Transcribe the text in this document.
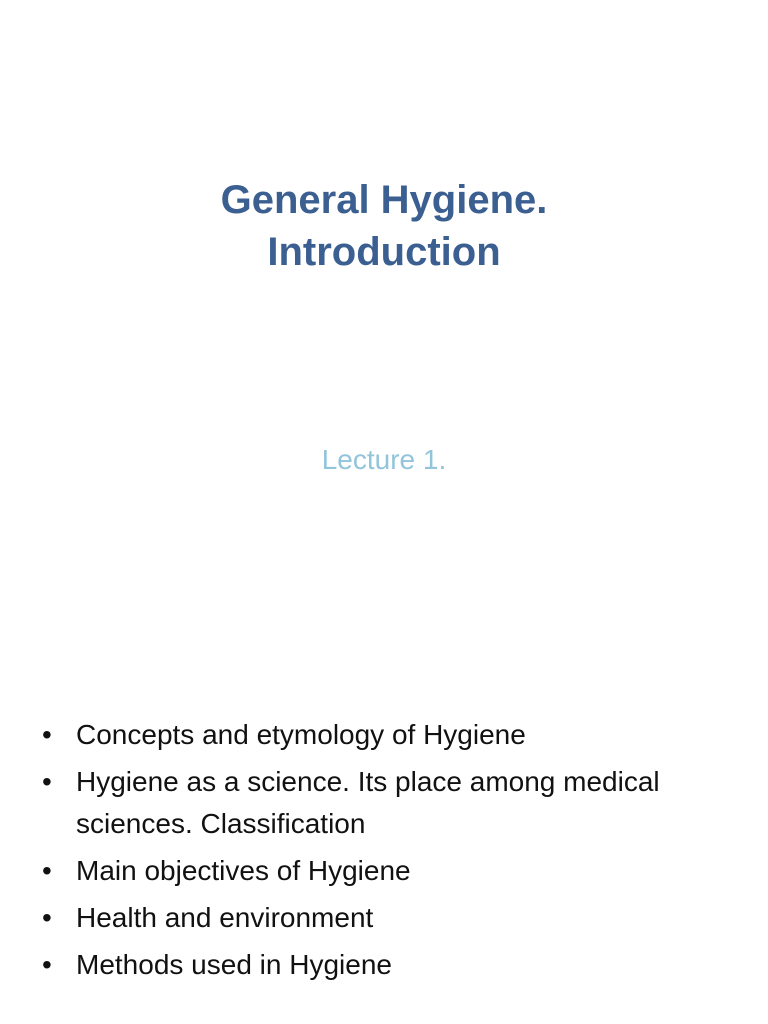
General Hygiene.
Introduction

Lecture 1.

• Concepts and etymology of Hygiene
• Hygiene as a science. Its place among medical sciences. Classification
• Main objectives of Hygiene
• Health and environment
• Methods used in Hygiene
